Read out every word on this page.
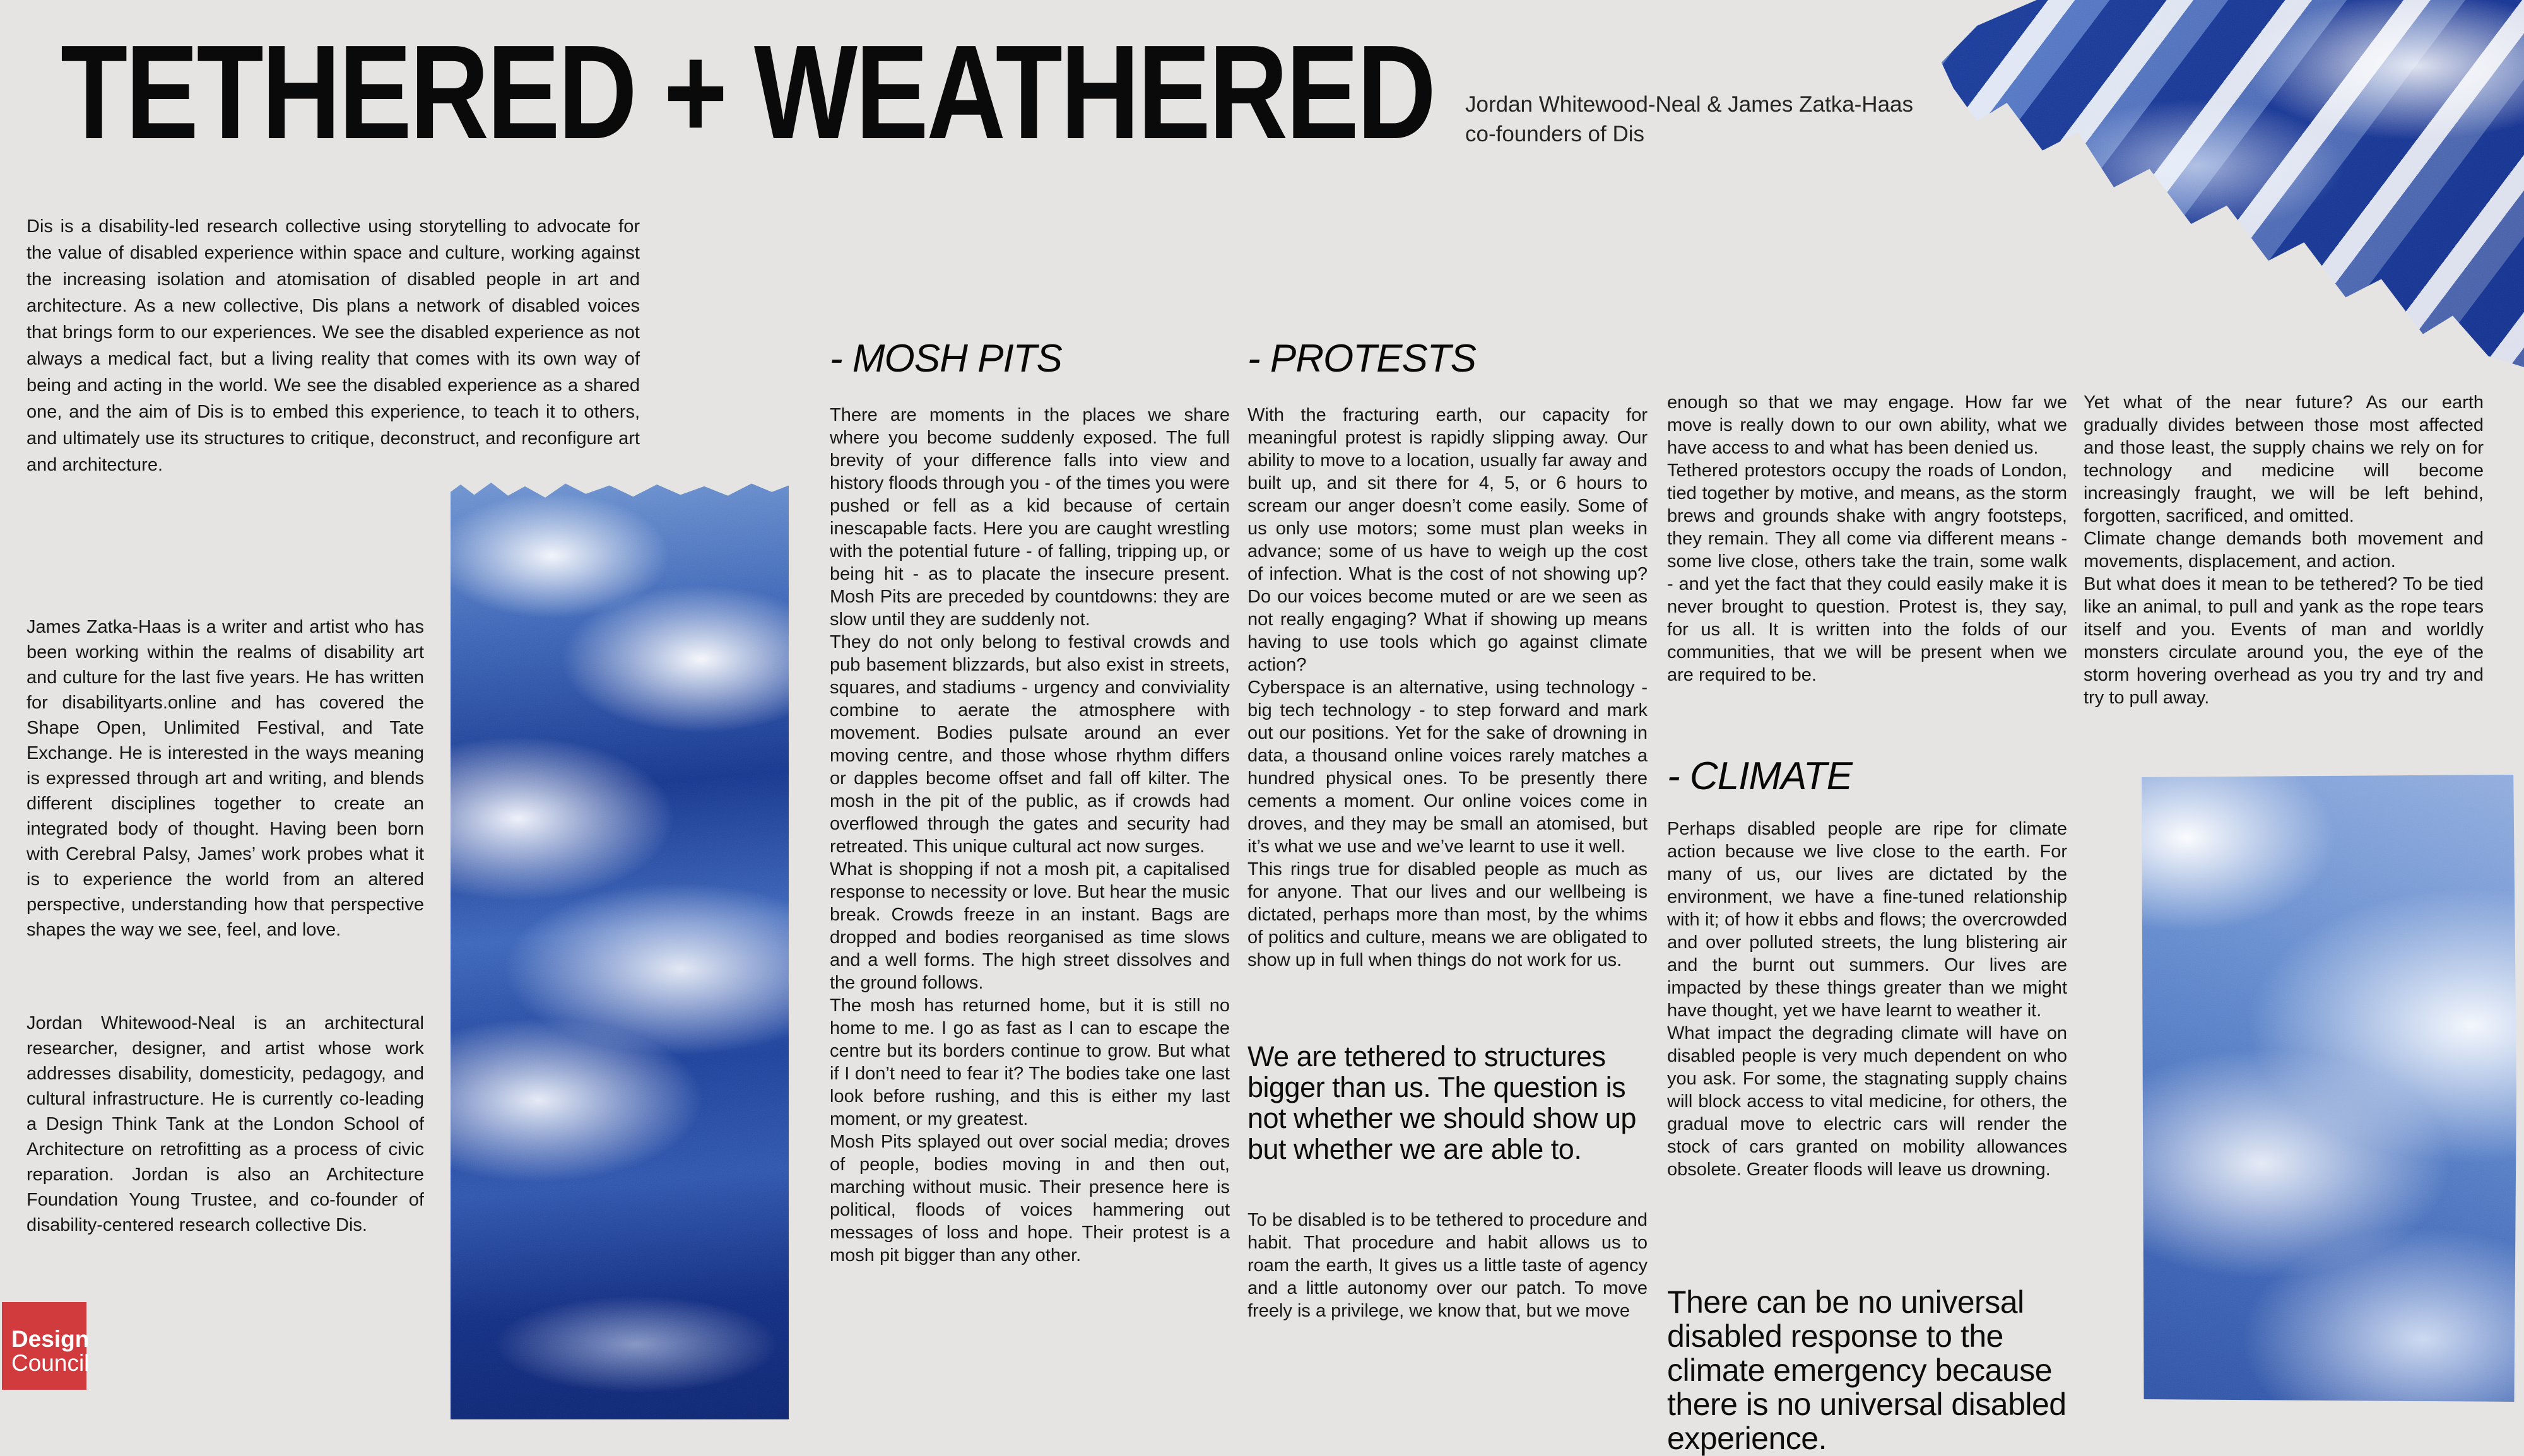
TETHERED + WEATHERED	Jordan Whitewood-Neal & James Zatka-Haas
co-founders of Dis
Dis is a disability-led research collective using storytelling to advocate for the value of disabled experience within space and culture, working against the increasing isolation and atomisation of disabled people in art and architecture. As a new collective, Dis plans a network of disabled voices that brings form to our experiences. We see the disabled experience as not always a medical fact, but a living reality that comes with its own way of being and acting in the world. We see the disabled experience as a shared one, and the aim of Dis is to embed this experience, to teach it to others, and ultimately use its structures to critique, deconstruct, and reconfigure art and architecture.
James Zatka-Haas is a writer and artist who has been working within the realms of disability art and culture for the last five years. He has written for disabilityarts.online and has covered the Shape Open, Unlimited Festival, and Tate Exchange. He is interested in the ways meaning is expressed through art and writing, and blends different disciplines together to create an integrated body of thought. Having been born with Cerebral Palsy, James’ work probes what it is to experience the world from an altered perspective, understanding how that perspective shapes the way we see, feel, and love.
Jordan Whitewood-Neal is an architectural researcher, designer, and artist whose work addresses disability, domesticity, pedagogy, and cultural infrastructure. He is currently co-leading a Design Think Tank at the London School of Architecture on retrofitting as a process of civic reparation. Jordan is also an Architecture Foundation Young Trustee, and co-founder of disability-centered research collective Dis.
- MOSH PITS

There are moments in the places we share where you become suddenly exposed. The full brevity of your difference falls into view and history floods through you - of the times you were pushed or fell as a kid because of certain inescapable facts. Here you are caught wrestling with the potential future - of falling, tripping up, or being hit - as to placate the insecure present. Mosh Pits are preceded by countdowns: they are slow until they are suddenly not.

They do not only belong to festival crowds and pub basement blizzards, but also exist in streets, squares, and stadiums - urgency and conviviality combine to aerate the atmosphere with movement. Bodies pulsate around an ever moving centre, and those whose rhythm differs or dapples become offset and fall off kilter. The mosh in the pit of the public, as if crowds had overflowed through the gates and security had retreated. This unique cultural act now surges.

What is shopping if not a mosh pit, a capitalised response to necessity or love. But hear the music break. Crowds freeze in an instant. Bags are dropped and bodies reorganised as time slows and a well forms. The high street dissolves and the ground follows.

The mosh has returned home, but it is still no home to me. I go as fast as I can to escape the centre but its borders continue to grow. But what if I don’t need to fear it? The bodies take one last look before rushing, and this is either my last moment, or my greatest.

Mosh Pits splayed out over social media; droves of people, bodies moving in and then out, marching without music. Their presence here is political, floods of voices hammering out messages of loss and hope. Their protest is a mosh pit bigger than any other.

- PROTESTS

With the fracturing earth, our capacity for meaningful protest is rapidly slipping away. Our ability to move to a location, usually far away and built up, and sit there for 4, 5, or 6 hours to scream our anger doesn’t come easily. Some of us only use motors; some must plan weeks in advance; some of us have to weigh up the cost of infection. What is the cost of not showing up? Do our voices become muted or are we seen as not really engaging? What if showing up means having to use tools which go against climate action?

Cyberspace is an alternative, using technology - big tech technology - to step forward and mark out our positions. Yet for the sake of drowning in data, a thousand online voices rarely matches a hundred physical ones. To be presently there cements a moment. Our online voices come in droves, and they may be small an atomised, but it’s what we use and we’ve learnt to use it well.

This rings true for disabled people as much as for anyone. That our lives and our wellbeing is dictated, perhaps more than most, by the whims of politics and culture, means we are obligated to show up in full when things do not work for us.

We are tethered to structures bigger than us. The question is not whether we should show up but whether we are able to.

To be disabled is to be tethered to procedure and habit. That procedure and habit allows us to roam the earth, It gives us a little taste of agency and a little autonomy over our patch. To move freely is a privilege, we know that, but we move

enough so that we may engage. How far we move is really down to our own ability, what we have access to and what has been denied us.

Tethered protestors occupy the roads of London, tied together by motive, and means, as the storm brews and grounds shake with angry footsteps, they remain. They all come via different means - some live close, others take the train, some walk - and yet the fact that they could easily make it is never brought to question. Protest is, they say, for us all. It is written into the folds of our communities, that we will be present when we are required to be.

- CLIMATE

Perhaps disabled people are ripe for climate action because we live close to the earth. For many of us, our lives are dictated by the environment, we have a fine-tuned relationship with it; of how it ebbs and flows; the overcrowded and over polluted streets, the lung blistering air and the burnt out summers. Our lives are impacted by these things greater than we might have thought, yet we have learnt to weather it.

What impact the degrading climate will have on disabled people is very much dependent on who you ask. For some, the stagnating supply chains will block access to vital medicine, for others, the gradual move to electric cars will render the stock of cars granted on mobility allowances obsolete. Greater floods will leave us drowning.

There can be no universal disabled response to the climate emergency because there is no universal disabled experience.

Yet what of the near future? As our earth gradually divides between those most affected and those least, the supply chains we rely on for technology and medicine will become increasingly fraught, we will be left behind, forgotten, sacrificed, and omitted.

Climate change demands both movement and movements, displacement, and action.

But what does it mean to be tethered? To be tied like an animal, to pull and yank as the rope tears itself and you. Events of man and worldly monsters circulate around you, the eye of the storm hovering overhead as you try and try and try to pull away.

Design
Council
